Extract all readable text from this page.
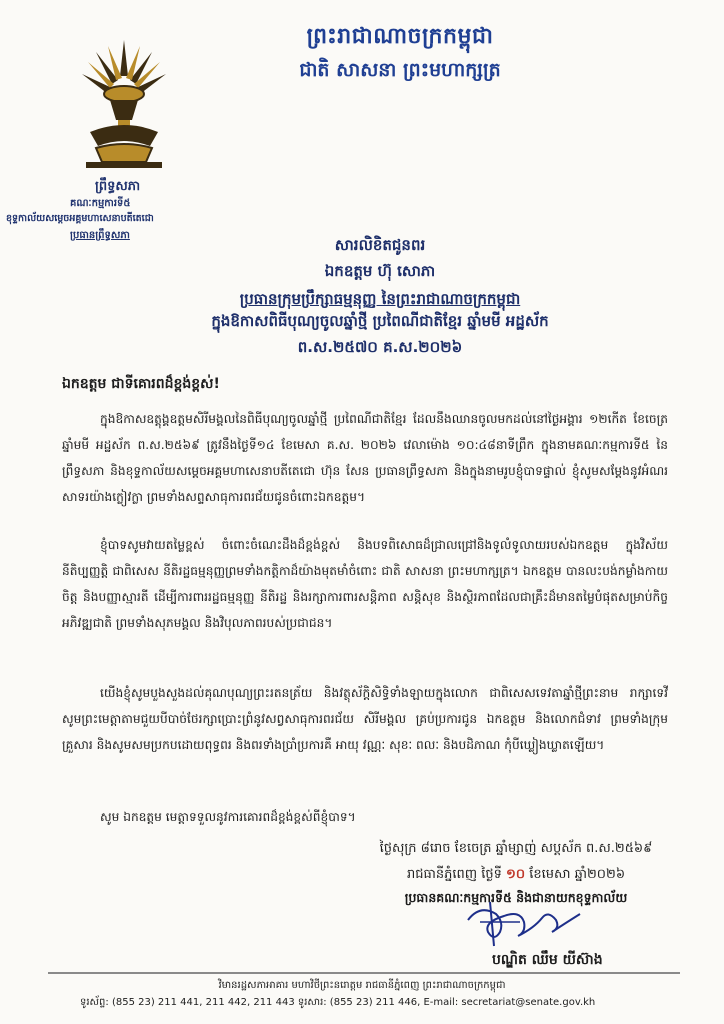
ព្រះរាជាណាចក្រកម្ពុជា
ជាតិ សាសនា ព្រះមហាក្សត្រ
ព្រឹទ្ធសភា
គណៈកម្មការទី៥
ខុទ្ទកាល័យសម្តេចអគ្គមហាសេនាបតីតេជោ
ប្រធានព្រឹទ្ធសភា
សារលិខិតជូនពរ
ឯកឧត្តម ហ៊ុ សោភា
ប្រធានក្រុមប្រឹក្សាធម្មនុញ្ញ នៃព្រះរាជាណាចក្រកម្ពុជា
ក្នុងឱកាសពិធីបុណ្យចូលឆ្នាំថ្មី ប្រពៃណីជាតិខ្មែរ ឆ្នាំមមី អដ្ឋស័ក
ព.ស.២៥៧០ គ.ស.២០២៦
ឯកឧត្តម ជាទីគោរពដ៏ខ្ពង់ខ្ពស់!
ក្នុងឱកាសឧត្តុង្គឧត្តមសិរីមង្គលនៃពិធីបុណ្យចូលឆ្នាំថ្មី ប្រពៃណីជាតិខ្មែរ ដែលនឹងឈានចូលមកដល់នៅថ្ងៃអង្គារ ១២កើត ខែចេត្រ ឆ្នាំមមី អដ្ឋស័ក ព.ស.២៥៦៩ ត្រូវនឹងថ្ងៃទី១៤ ខែមេសា គ.ស. ២០២៦ វេលាម៉ោង ១០:៤៨នាទីព្រឹក ក្នុងនាមគណៈកម្មការទី៥ នៃព្រឹទ្ធសភា និងខុទ្ទកាល័យសម្តេចអគ្គមហាសេនាបតីតេជោ ហ៊ុន សែន ប្រធានព្រឹទ្ធសភា និងក្នុងនាមរូបខ្ញុំបាទផ្ទាល់ ខ្ញុំសូមសម្តែងនូវអំណរសាទរយ៉ាងក្លៀវក្លា ព្រមទាំងសព្ទសាធុការពរជ័យជូនចំពោះឯកឧត្តម។
ខ្ញុំបាទសូមវាយតម្លៃខ្ពស់ ចំពោះចំណេះដឹងដ៏ខ្ពង់ខ្ពស់ និងបទពិសោធដ៏ជ្រាលជ្រៅនិងទូលំទូលាយរបស់ឯកឧត្តម ក្នុងវិស័យនីតិប្បញ្ញត្តិ ជាពិសេស នីតិរដ្ឋធម្មនុញ្ញព្រមទាំងកត្តិកាដ៏យ៉ាងមុតមាំចំពោះ ជាតិ សាសនា ព្រះមហាក្សត្រ។ ឯកឧត្តម បានលះបង់កម្លាំងកាយចិត្ត និងបញ្ញាស្មារតី ដើម្បីការពាររដ្ឋធម្មនុញ្ញ នីតិរដ្ឋ និងរក្សាការពារសន្តិភាព សន្តិសុខ និងស្ថិរភាពដែលជាគ្រឹះដ៏មានតម្លៃបំផុតសម្រាប់កិច្ចអភិវឌ្ឍជាតិ ព្រមទាំងសុភមង្គល និងវិបុលភាពរបស់ប្រជាជន។
យើងខ្ញុំសូមបួងសួងដល់គុណបុណ្យព្រះរតនត្រ័យ និងវត្ថុស័ក្តិសិទ្ធិទាំងឡាយក្នុងលោក ជាពិសេសទេវតាឆ្នាំថ្មីព្រះនាម រាក្សាទេវី សូមព្រះមេត្តាតាមជួយបីបាច់ថែរក្សាប្រោះព្រំនូវសព្វសាធុការពរជ័យ សិរីមង្គល គ្រប់ប្រការជូន ឯកឧត្តម និងលោកជំទាវ ព្រមទាំងក្រុមគ្រួសារ និងសូមសមប្រកបដោយពុទ្ធពរ និងពរទាំងប្រាំប្រការគឺ អាយុ វណ្ណៈ សុខៈ ពលៈ និងបដិភាណ កុំបីឃ្លៀងឃ្លាតឡើយ។
សូម ឯកឧត្តម មេត្តាទទួលនូវការគោរពដ៏ខ្ពង់ខ្ពស់ពីខ្ញុំបាទ។
ថ្ងៃសុក្រ ៨រោច ខែចេត្រ ឆ្នាំម្សាញ់ សប្តស័ក ព.ស.២៥៦៩
រាជធានីភ្នំពេញ ថ្ងៃទី ១០ ខែមេសា ឆ្នាំ២០២៦
ប្រធានគណៈកម្មការទី៥ និងជានាយកខុទ្ទកាល័យ
បណ្ឌិត ឈឹម យីស៊ាង
វិមានរដ្ឋសភាអាគារ មហាវិថីព្រះនរោត្តម រាជធានីភ្នំពេញ ព្រះរាជាណាចក្រកម្ពុជា
ទូរស័ព្ទ: (855 23) 211 441, 211 442, 211 443 ទូរសារ: (855 23) 211 446, E-mail: secretariat@senate.gov.kh
